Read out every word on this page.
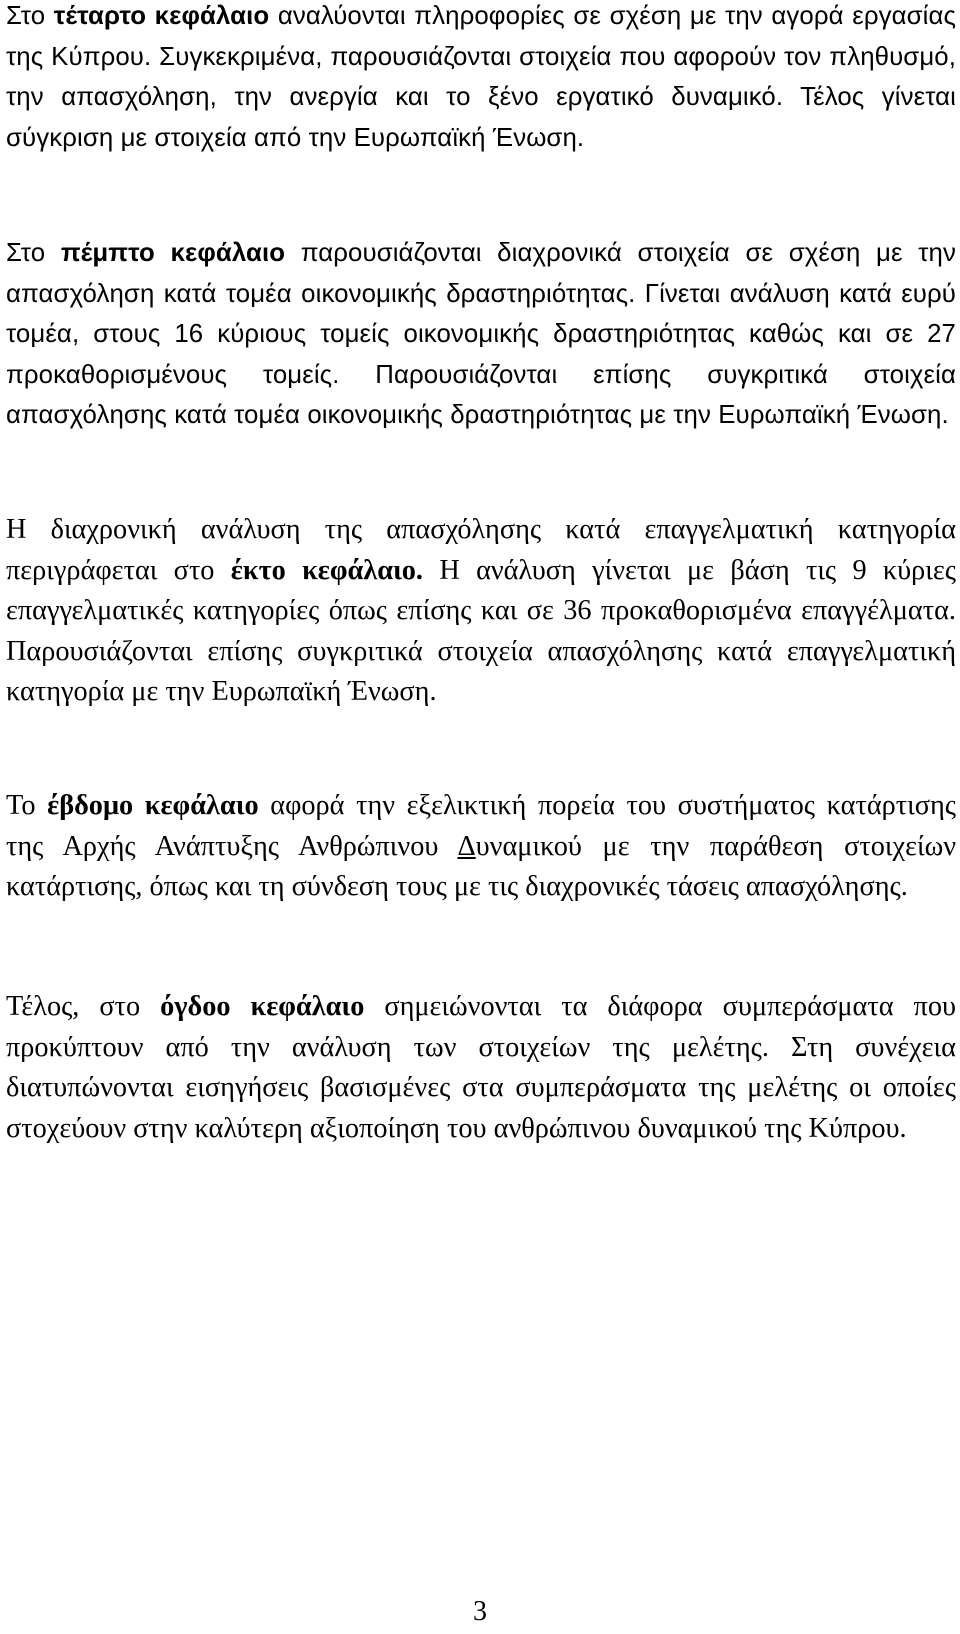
Στο τέταρτο κεφάλαιο αναλύονται πληροφορίες σε σχέση με την αγορά εργασίας της Κύπρου. Συγκεκριμένα, παρουσιάζονται στοιχεία που αφορούν τον πληθυσμό, την απασχόληση, την ανεργία και το ξένο εργατικό δυναμικό. Τέλος γίνεται σύγκριση με στοιχεία από την Ευρωπαϊκή Ένωση.

Στο πέμπτο κεφάλαιο παρουσιάζονται διαχρονικά στοιχεία σε σχέση με την απασχόληση κατά τομέα οικονομικής δραστηριότητας. Γίνεται ανάλυση κατά ευρύ τομέα, στους 16 κύριους τομείς οικονομικής δραστηριότητας καθώς και σε 27 προκαθορισμένους τομείς. Παρουσιάζονται επίσης συγκριτικά στοιχεία απασχόλησης κατά τομέα οικονομικής δραστηριότητας με την Ευρωπαϊκή Ένωση.

Η διαχρονική ανάλυση της απασχόλησης κατά επαγγελματική κατηγορία περιγράφεται στο έκτο κεφάλαιο. Η ανάλυση γίνεται με βάση τις 9 κύριες επαγγελματικές κατηγορίες όπως επίσης και σε 36 προκαθορισμένα επαγγέλματα. Παρουσιάζονται επίσης συγκριτικά στοιχεία απασχόλησης κατά επαγγελματική κατηγορία με την Ευρωπαϊκή Ένωση.

Το έβδομο κεφάλαιο αφορά την εξελικτική πορεία του συστήματος κατάρτισης της Αρχής Ανάπτυξης Ανθρώπινου Δυναμικού με την παράθεση στοιχείων κατάρτισης, όπως και τη σύνδεση τους με τις διαχρονικές τάσεις απασχόλησης.

Τέλος, στο όγδοο κεφάλαιο σημειώνονται τα διάφορα συμπεράσματα που προκύπτουν από την ανάλυση των στοιχείων της μελέτης. Στη συνέχεια διατυπώνονται εισηγήσεις βασισμένες στα συμπεράσματα της μελέτης οι οποίες στοχεύουν στην καλύτερη αξιοποίηση του ανθρώπινου δυναμικού της Κύπρου.

3
